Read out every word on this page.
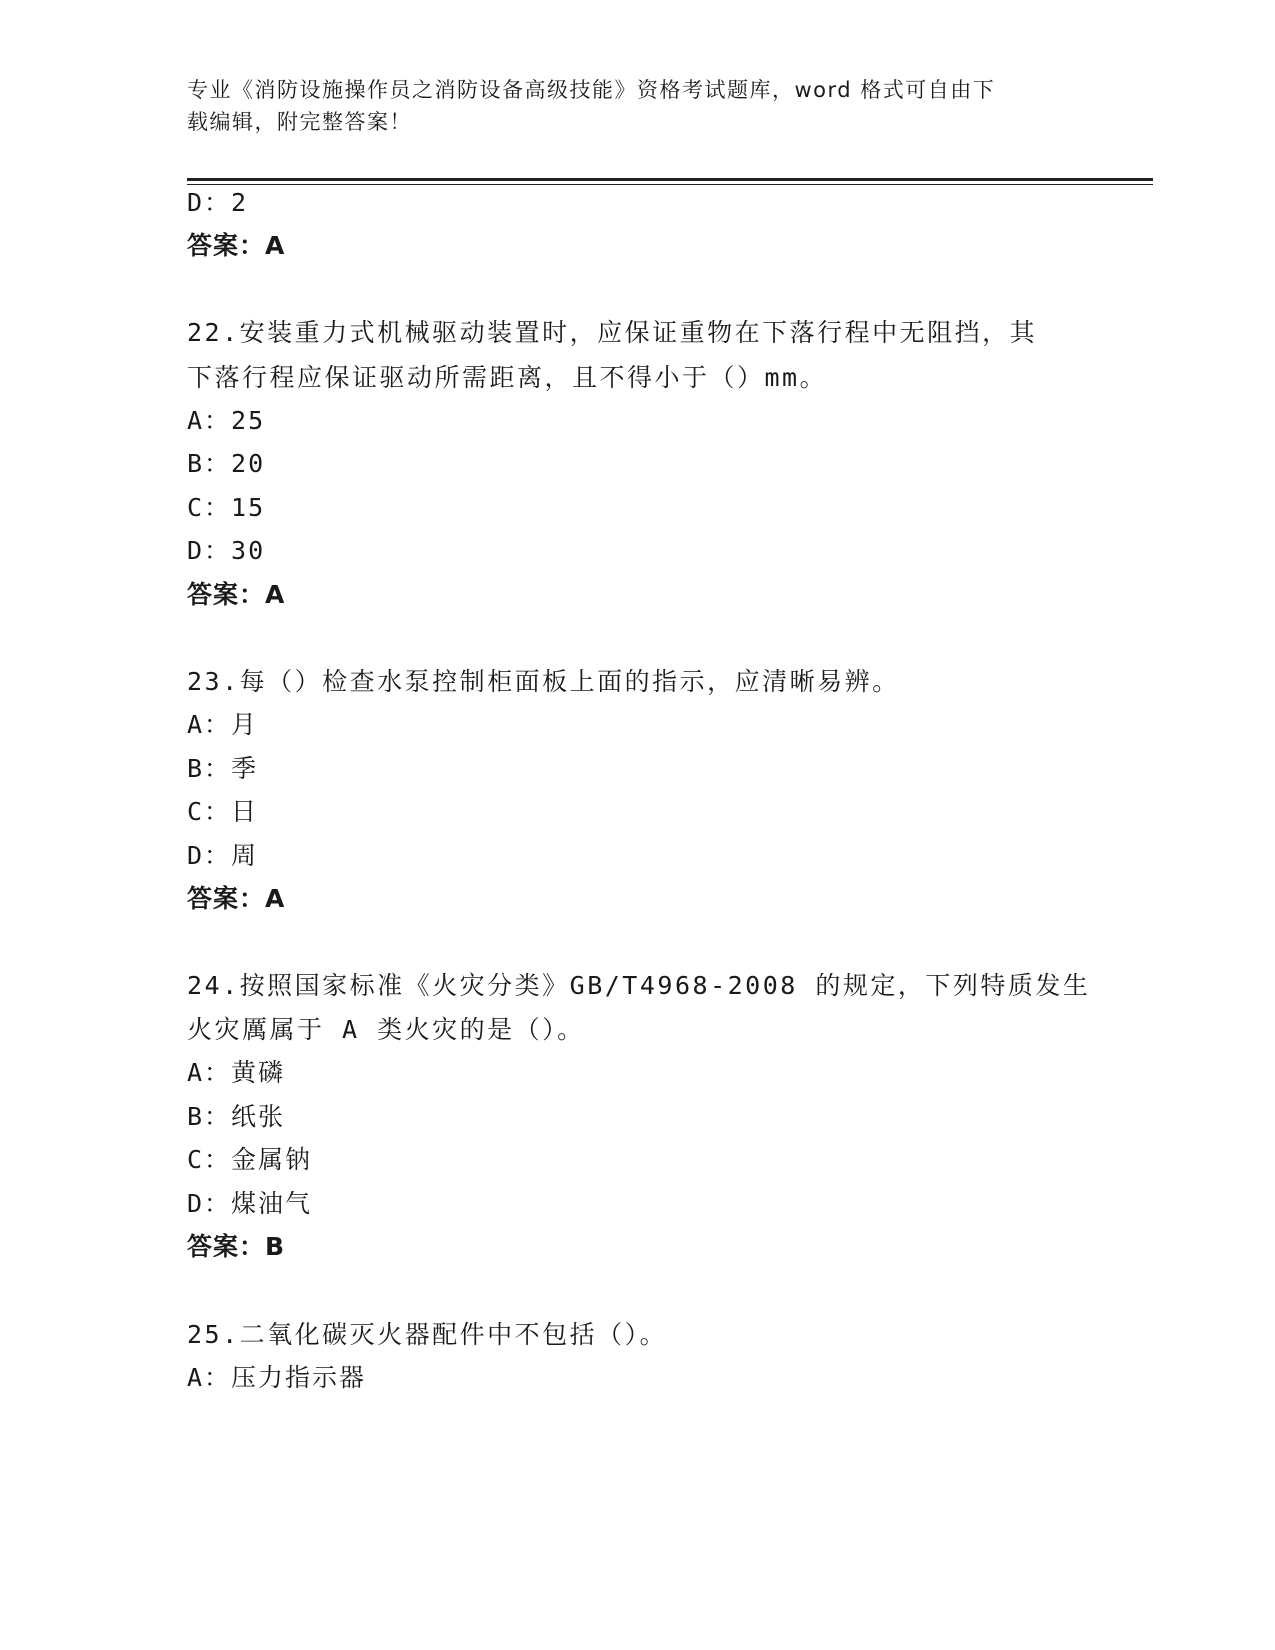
专业《消防设施操作员之消防设备高级技能》资格考试题库，word 格式可自由下
载编辑，附完整答案！
D：2
答案：A
22.安装重力式机械驱动装置时，应保证重物在下落行程中无阻挡，其
下落行程应保证驱动所需距离，且不得小于（）mm。
A：25
B：20
C：15
D：30
答案：A
23.每（）检查水泵控制柜面板上面的指示，应清晰易辨。
A：月
B：季
C：日
D：周
答案：A
24.按照国家标准《火灾分类》GB/T4968-2008 的规定，下列特质发生
火灾厲属于 A 类火灾的是（）。
A：黄磷
B：纸张
C：金属钠
D：煤油气
答案：B
25.二氧化碳灭火器配件中不包括（）。
A：压力指示器
